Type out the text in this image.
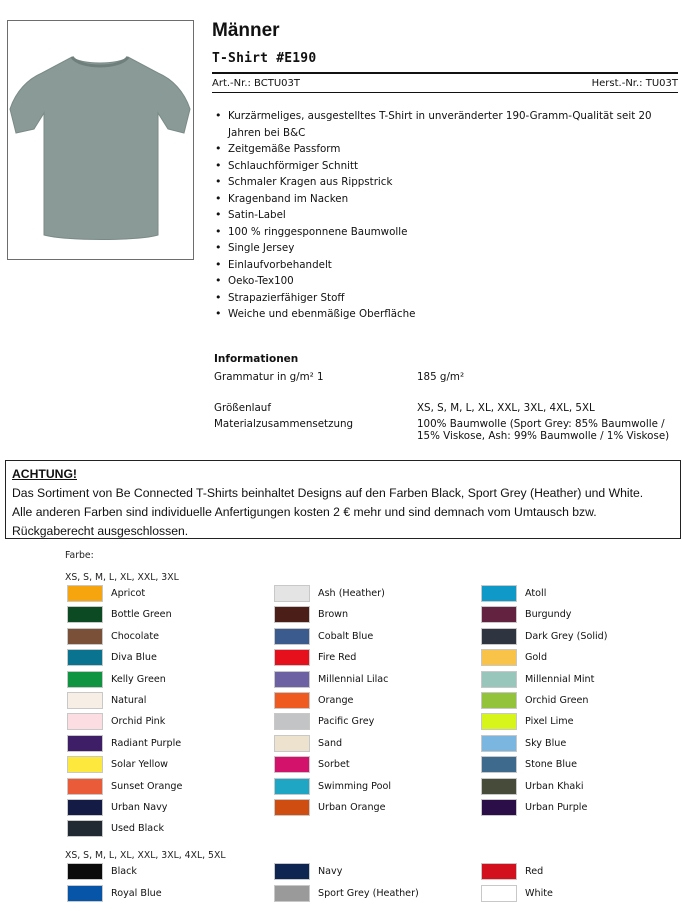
Männer
T-Shirt #E190
Art.-Nr.: BCTU03T	Herst.-Nr.: TU03T
• Kurzärmeliges, ausgestelltes T-Shirt in unveränderter 190-Gramm-Qualität seit 20 Jahren bei B&C
• Zeitgemäße Passform
• Schlauchförmiger Schnitt
• Schmaler Kragen aus Rippstrick
• Kragenband im Nacken
• Satin-Label
• 100 % ringgesponnene Baumwolle
• Single Jersey
• Einlaufvorbehandelt
• Oeko-Tex100
• Strapazierfähiger Stoff
• Weiche und ebenmäßige Oberfläche
Informationen
Grammatur in g/m² 1	185 g/m²
Größenlauf	XS, S, M, L, XL, XXL, 3XL, 4XL, 5XL
Materialzusammensetzung	100% Baumwolle (Sport Grey: 85% Baumwolle / 15% Viskose, Ash: 99% Baumwolle / 1% Viskose)
ACHTUNG!
Das Sortiment von Be Connected T-Shirts beinhaltet Designs auf den Farben Black, Sport Grey (Heather) und White.
Alle anderen Farben sind individuelle Anfertigungen kosten 2 € mehr und sind demnach vom Umtausch bzw.
Rückgaberecht ausgeschlossen.
Farbe:
XS, S, M, L, XL, XXL, 3XL
XS, S, M, L, XL, XXL, 3XL, 4XL, 5XL
Apricot	Ash (Heather)	Atoll
Bottle Green	Brown	Burgundy
Chocolate	Cobalt Blue	Dark Grey (Solid)
Diva Blue	Fire Red	Gold
Kelly Green	Millennial Lilac	Millennial Mint
Natural	Orange	Orchid Green
Orchid Pink	Pacific Grey	Pixel Lime
Radiant Purple	Sand	Sky Blue
Solar Yellow	Sorbet	Stone Blue
Sunset Orange	Swimming Pool	Urban Khaki
Urban Navy	Urban Orange	Urban Purple
Used Black
Black	Navy	Red
Royal Blue	Sport Grey (Heather)	White
